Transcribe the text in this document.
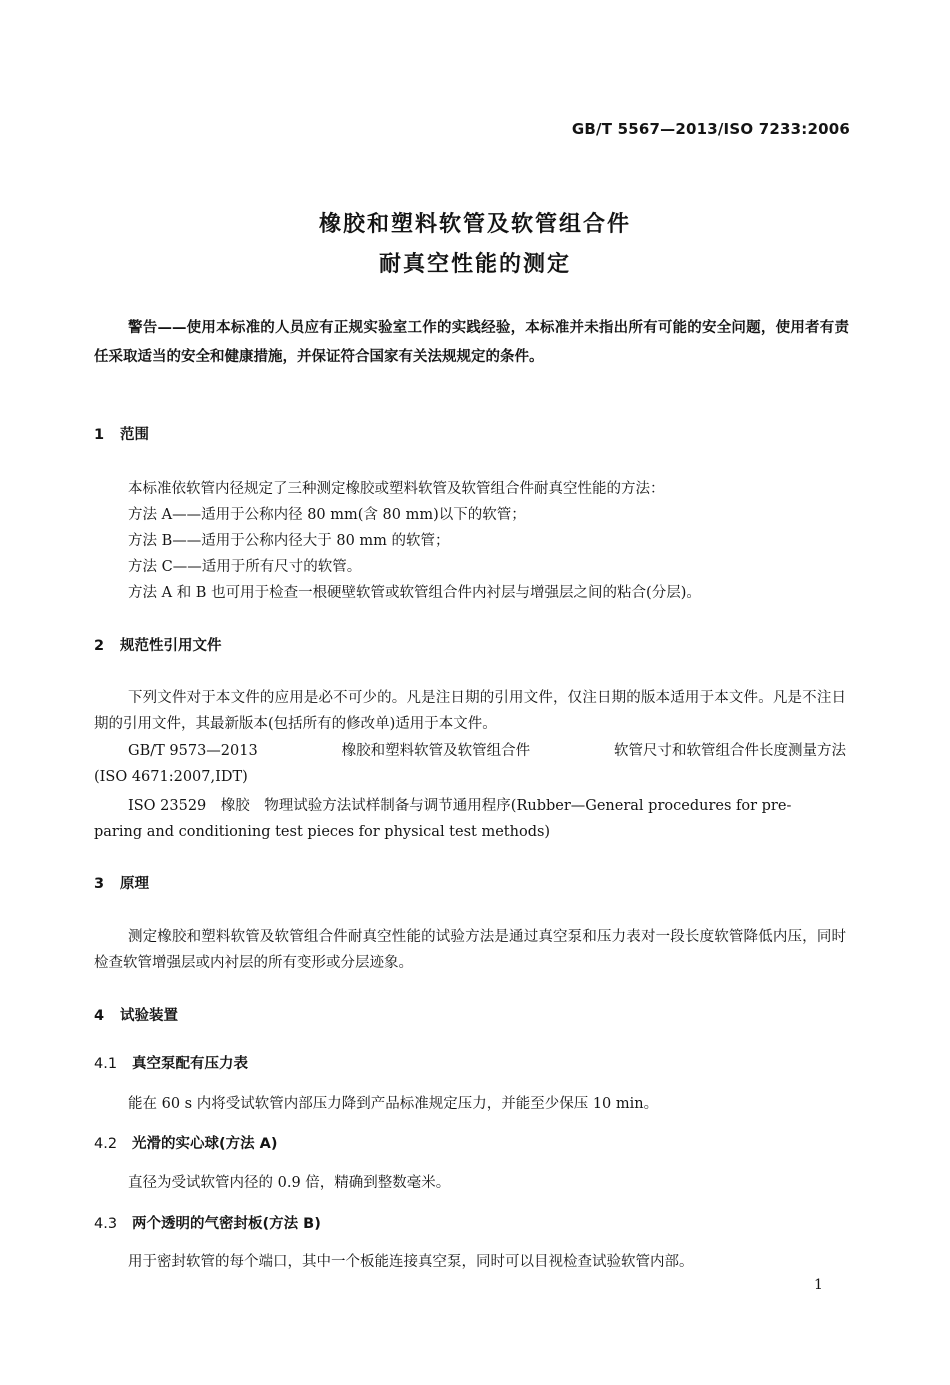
GB/T 5567—2013/ISO 7233:2006
橡胶和塑料软管及软管组合件
耐真空性能的测定
警告——使用本标准的人员应有正规实验室工作的实践经验，本标准并未指出所有可能的安全问题，使用者有责任采取适当的安全和健康措施，并保证符合国家有关法规规定的条件。
1 范围
本标准依软管内径规定了三种测定橡胶或塑料软管及软管组合件耐真空性能的方法：
方法 A——适用于公称内径 80 mm(含 80 mm)以下的软管；
方法 B——适用于公称内径大于 80 mm 的软管；
方法 C——适用于所有尺寸的软管。
方法 A 和 B 也可用于检查一根硬壁软管或软管组合件内衬层与增强层之间的粘合(分层)。
2 规范性引用文件
下列文件对于本文件的应用是必不可少的。凡是注日期的引用文件，仅注日期的版本适用于本文件。凡是不注日期的引用文件，其最新版本(包括所有的修改单)适用于本文件。
GB/T 9573—2013	橡胶和塑料软管及软管组合件	软管尺寸和软管组合件长度测量方法
(ISO 4671:2007,IDT)
ISO 23529　橡胶　物理试验方法试样制备与调节通用程序(Rubber—General procedures for pre-
paring and conditioning test pieces for physical test methods)
3 原理
测定橡胶和塑料软管及软管组合件耐真空性能的试验方法是通过真空泵和压力表对一段长度软管降低内压，同时检查软管增强层或内衬层的所有变形或分层迹象。
4 试验装置
4.1 真空泵配有压力表
能在 60 s 内将受试软管内部压力降到产品标准规定压力，并能至少保压 10 min。
4.2 光滑的实心球(方法 A)
直径为受试软管内径的 0.9 倍，精确到整数毫米。
4.3 两个透明的气密封板(方法 B)
用于密封软管的每个端口，其中一个板能连接真空泵，同时可以目视检查试验软管内部。
1
